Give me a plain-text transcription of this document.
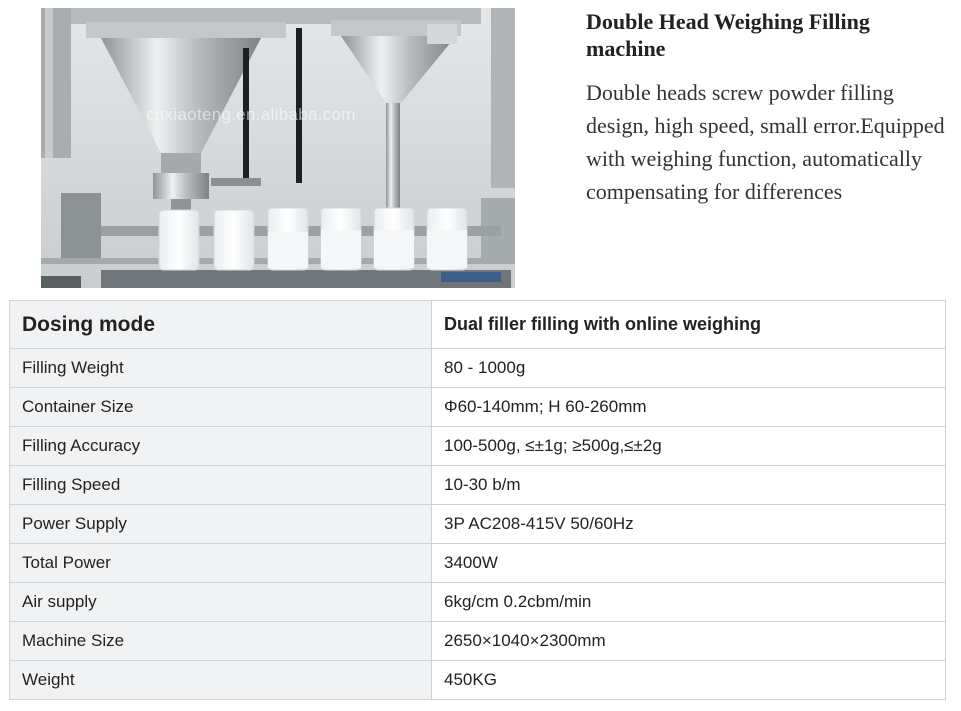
cnxiaoteng.en.alibaba.com
Double Head Weighing Filling machine

Double heads screw powder filling design, high speed, small error.Equipped with weighing function, automatically compensating for differences

Dosing mode	Dual filler filling with online weighing
Filling Weight	80 - 1000g
Container Size	Φ60-140mm; H 60-260mm
Filling Accuracy	100-500g, ≤±1g; ≥500g,≤±2g
Filling Speed	10-30 b/m
Power Supply	3P AC208-415V 50/60Hz
Total Power	3400W
Air supply	6kg/cm 0.2cbm/min
Machine Size	2650×1040×2300mm
Weight	450KG
